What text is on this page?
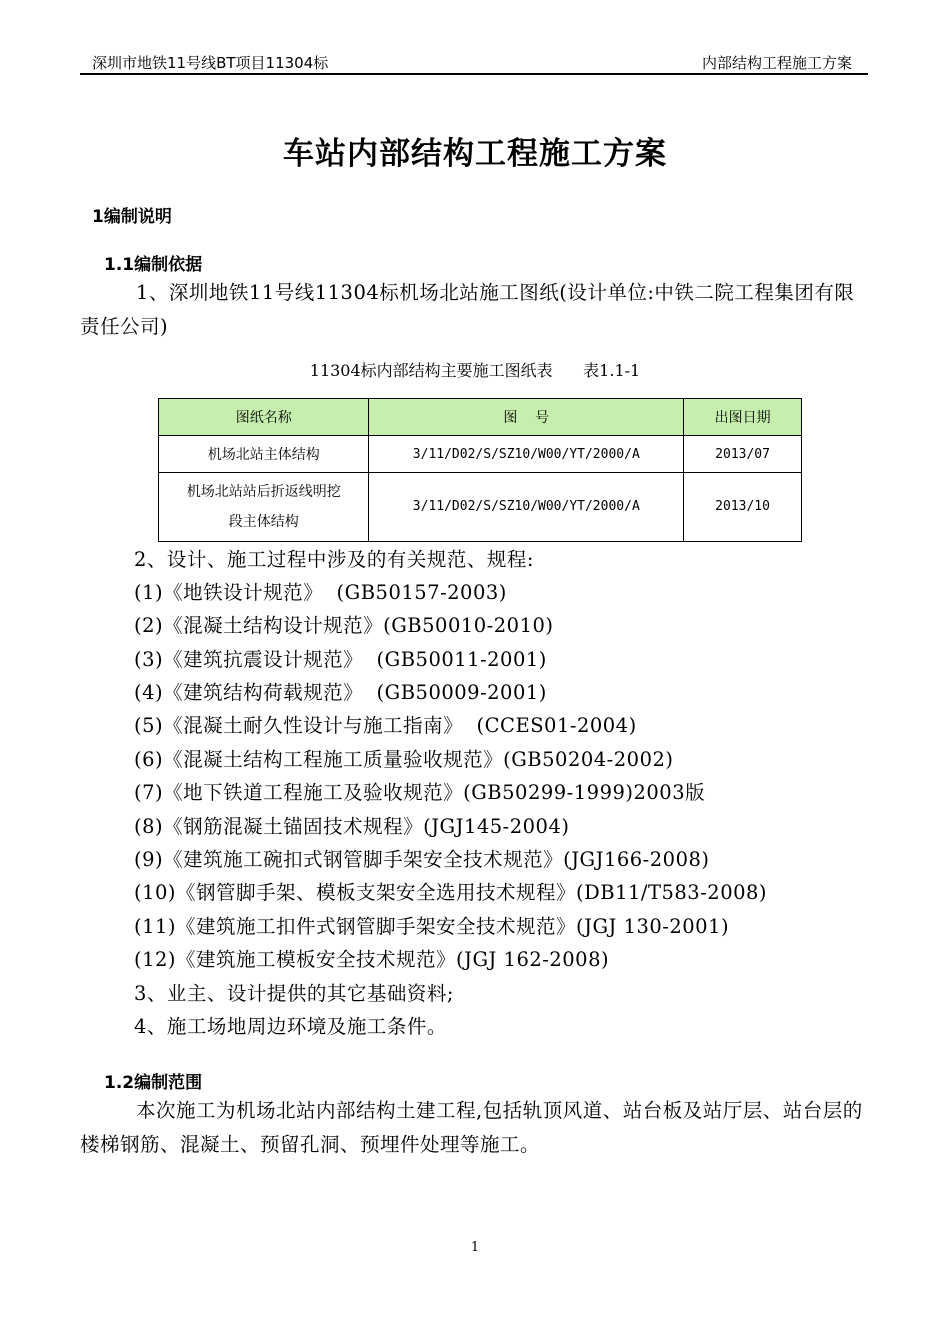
深圳市地铁11号线BT项目11304标	内部结构工程施工方案
车站内部结构工程施工方案
1编制说明
1.1编制依据
1、深圳地铁11号线11304标机场北站施工图纸(设计单位:中铁二院工程集团有限责任公司)
11304标内部结构主要施工图纸表      表1.1-1
图纸名称	图    号	出图日期
机场北站主体结构	3/11/D02/S/SZ10/W00/YT/2000/A	2013/07

机场北站站后折返线明挖
段主体结构	3/11/D02/S/SZ10/W00/YT/2000/A	2013/10
2、设计、施工过程中涉及的有关规范、规程:
(1)《地铁设计规范》  (GB50157-2003)
(2)《混凝土结构设计规范》(GB50010-2010)
(3)《建筑抗震设计规范》  (GB50011-2001)
(4)《建筑结构荷载规范》  (GB50009-2001)
(5)《混凝土耐久性设计与施工指南》  (CCES01-2004)
(6)《混凝土结构工程施工质量验收规范》(GB50204-2002)
(7)《地下铁道工程施工及验收规范》(GB50299-1999)2003版
(8)《钢筋混凝土锚固技术规程》(JGJ145-2004)
(9)《建筑施工碗扣式钢管脚手架安全技术规范》(JGJ166-2008)
(10)《钢管脚手架、模板支架安全选用技术规程》(DB11/T583-2008)
(11)《建筑施工扣件式钢管脚手架安全技术规范》(JGJ 130-2001)
(12)《建筑施工模板安全技术规范》(JGJ 162-2008)
3、业主、设计提供的其它基础资料;
4、施工场地周边环境及施工条件。
1.2编制范围
本次施工为机场北站内部结构土建工程,包括轨顶风道、站台板及站厅层、站台层的楼梯钢筋、混凝土、预留孔洞、预埋件处理等施工。
1
